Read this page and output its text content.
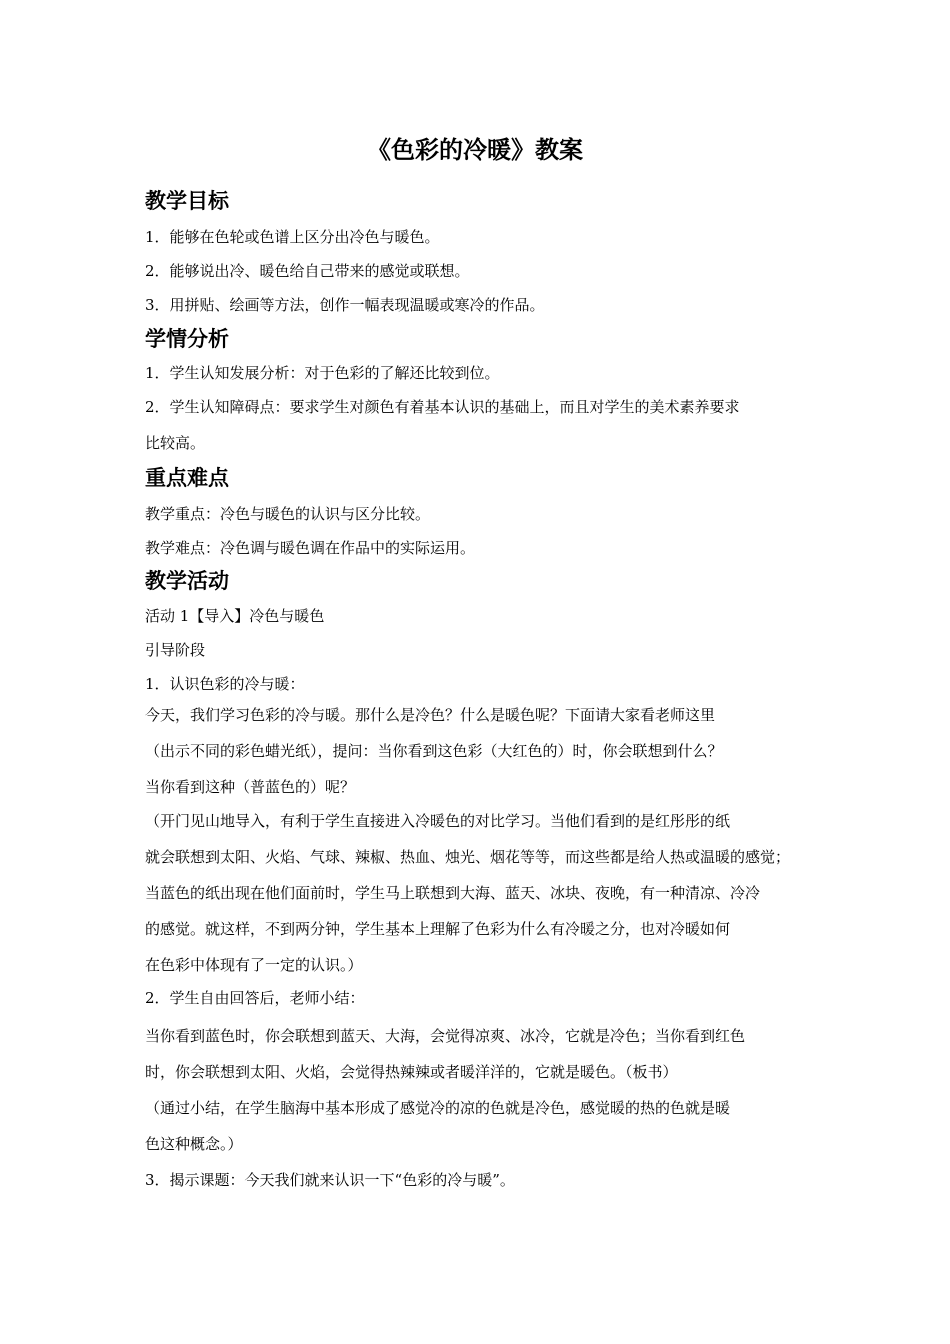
《色彩的冷暖》教案
教学目标
1．能够在色轮或色谱上区分出冷色与暖色。
2．能够说出冷、暖色给自己带来的感觉或联想。
3．用拼贴、绘画等方法，创作一幅表现温暖或寒冷的作品。
学情分析
1．学生认知发展分析：对于色彩的了解还比较到位。
2．学生认知障碍点：要求学生对颜色有着基本认识的基础上，而且对学生的美术素养要求
比较高。
重点难点
教学重点：冷色与暖色的认识与区分比较。
教学难点：冷色调与暖色调在作品中的实际运用。
教学活动
活动 1【导入】冷色与暖色
引导阶段
1．认识色彩的冷与暖：
今天，我们学习色彩的冷与暖。那什么是冷色？什么是暖色呢？下面请大家看老师这里
（出示不同的彩色蜡光纸），提问：当你看到这色彩（大红色的）时，你会联想到什么？
当你看到这种（普蓝色的）呢？
（开门见山地导入，有利于学生直接进入冷暖色的对比学习。当他们看到的是红彤彤的纸
就会联想到太阳、火焰、气球、辣椒、热血、烛光、烟花等等，而这些都是给人热或温暖的感觉；
当蓝色的纸出现在他们面前时，学生马上联想到大海、蓝天、冰块、夜晚，有一种清凉、冷冷
的感觉。就这样，不到两分钟，学生基本上理解了色彩为什么有冷暖之分，也对冷暖如何
在色彩中体现有了一定的认识。）
2．学生自由回答后，老师小结：
当你看到蓝色时，你会联想到蓝天、大海，会觉得凉爽、冰冷，它就是冷色；当你看到红色
时，你会联想到太阳、火焰，会觉得热辣辣或者暖洋洋的，它就是暖色。（板书）
（通过小结，在学生脑海中基本形成了感觉冷的凉的色就是冷色，感觉暖的热的色就是暖
色这种概念。）
3．揭示课题：今天我们就来认识一下“色彩的冷与暖”。
